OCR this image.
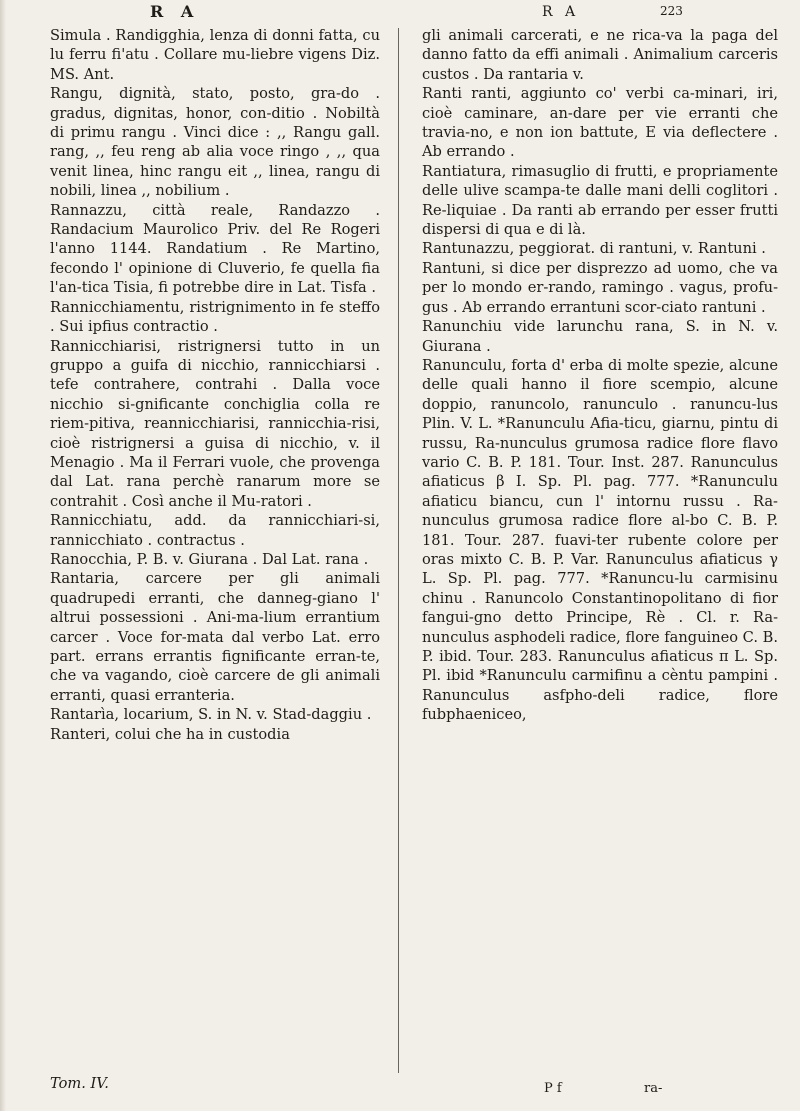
R A	R A	223

Simula . Randigghia, lenza di donni fatta, cu lu ferru fi'atu . Collare mu-liebre vigens Diz. MS. Ant.

Rangu, dignità, stato, posto, gra-do . gradus, dignitas, honor, con-ditio . Nobiltà di primu rangu . Vinci dice : ,, Rangu gall. rang, ,, feu reng ab alia voce ringo , ,, qua venit linea, hinc rangu eit ,, linea, rangu di nobili, linea ,, nobilium .

Rannazzu, città reale, Randazzo . Randacium Maurolico Priv. del Re Rogeri l'anno 1144. Randatium . Re Martino, fecondo l' opinione di Cluverio, fe quella fia l'an-tica Tisia, fi potrebbe dire in Lat. Tisfa .

Rannicchiamentu, ristrignimento in fe steffo . Sui ipfius contractio .

Rannicchiarisi, ristrignersi tutto in un gruppo a guifa di nicchio, rannicchiarsi . tefe contrahere, contrahi . Dalla voce nicchio si-gnificante conchiglia colla re riem-pitiva, reannicchiarisi, rannicchia-risi, cioè ristrignersi a guisa di nicchio, v. il Menagio . Ma il Ferrari vuole, che provenga dal Lat. rana perchè ranarum more se contrahit . Così anche il Mu-ratori .

Rannicchiatu, add. da rannicchiari-si, rannicchiato . contractus .

Ranocchia, P. B. v. Giurana . Dal Lat. rana .

Rantaria, carcere per gli animali quadrupedi erranti, che danneg-giano l' altrui possessioni . Ani-ma-lium errantium carcer . Voce for-mata dal verbo Lat. erro part. errans errantis fignificante erran-te, che va vagando, cioè carcere de gli animali erranti, quasi erranteria.

Rantarìa, locarium, S. in N. v. Stad-daggiu .

Ranteri, colui che ha in custodia

gli animali carcerati, e ne rica-va la paga del danno fatto da effi animali . Animalium carceris custos . Da rantaria v.

Ranti ranti, aggiunto co' verbi ca-minari, iri, cioè caminare, an-dare per vie erranti che travia-no, e non ion battute, E via deflectere . Ab errando .

Rantiatura, rimasuglio di frutti, e propriamente delle ulive scampa-te dalle mani delli coglitori . Re-liquiae . Da ranti ab errando per esser frutti dispersi di qua e di là.

Rantunazzu, peggiorat. di rantuni, v. Rantuni .

Rantuni, si dice per disprezzo ad uomo, che va per lo mondo er-rando, ramingo . vagus, profu-gus . Ab errando errantuni scor-ciato rantuni .

Ranunchiu vide larunchu rana, S. in N. v. Giurana .

Ranunculu, forta d' erba di molte spezie, alcune delle quali hanno il fiore scempio, alcune doppio, ranuncolo, ranunculo . ranuncu-lus Plin. V. L. *Ranunculu Afia-ticu, giarnu, pintu di russu, Ra-nunculus grumosa radice flore flavo vario C. B. P. 181. Tour. Inst. 287. Ranunculus afiaticus β I. Sp. Pl. pag. 777. *Ranunculu afiaticu biancu, cun l' intornu russu . Ra-nunculus grumosa radice flore al-bo C. B. P. 181. Tour. 287. fuavi-ter rubente colore per oras mixto C. B. P. Var. Ranunculus afiaticus γ L. Sp. Pl. pag. 777. *Ranuncu-lu carmisinu chinu . Ranuncolo Constantinopolitano di fior fangui-gno detto Principe, Rè . Cl. r. Ra-nunculus asphodeli radice, flore fanguineo C. B. P. ibid. Tour. 283. Ranunculus afiaticus π L. Sp. Pl. ibid *Ranunculu carmifinu a cèntu pampini . Ranunculus asfpho-deli radice, flore fubphaeniceo,

Tom. IV.	P f	ra-
